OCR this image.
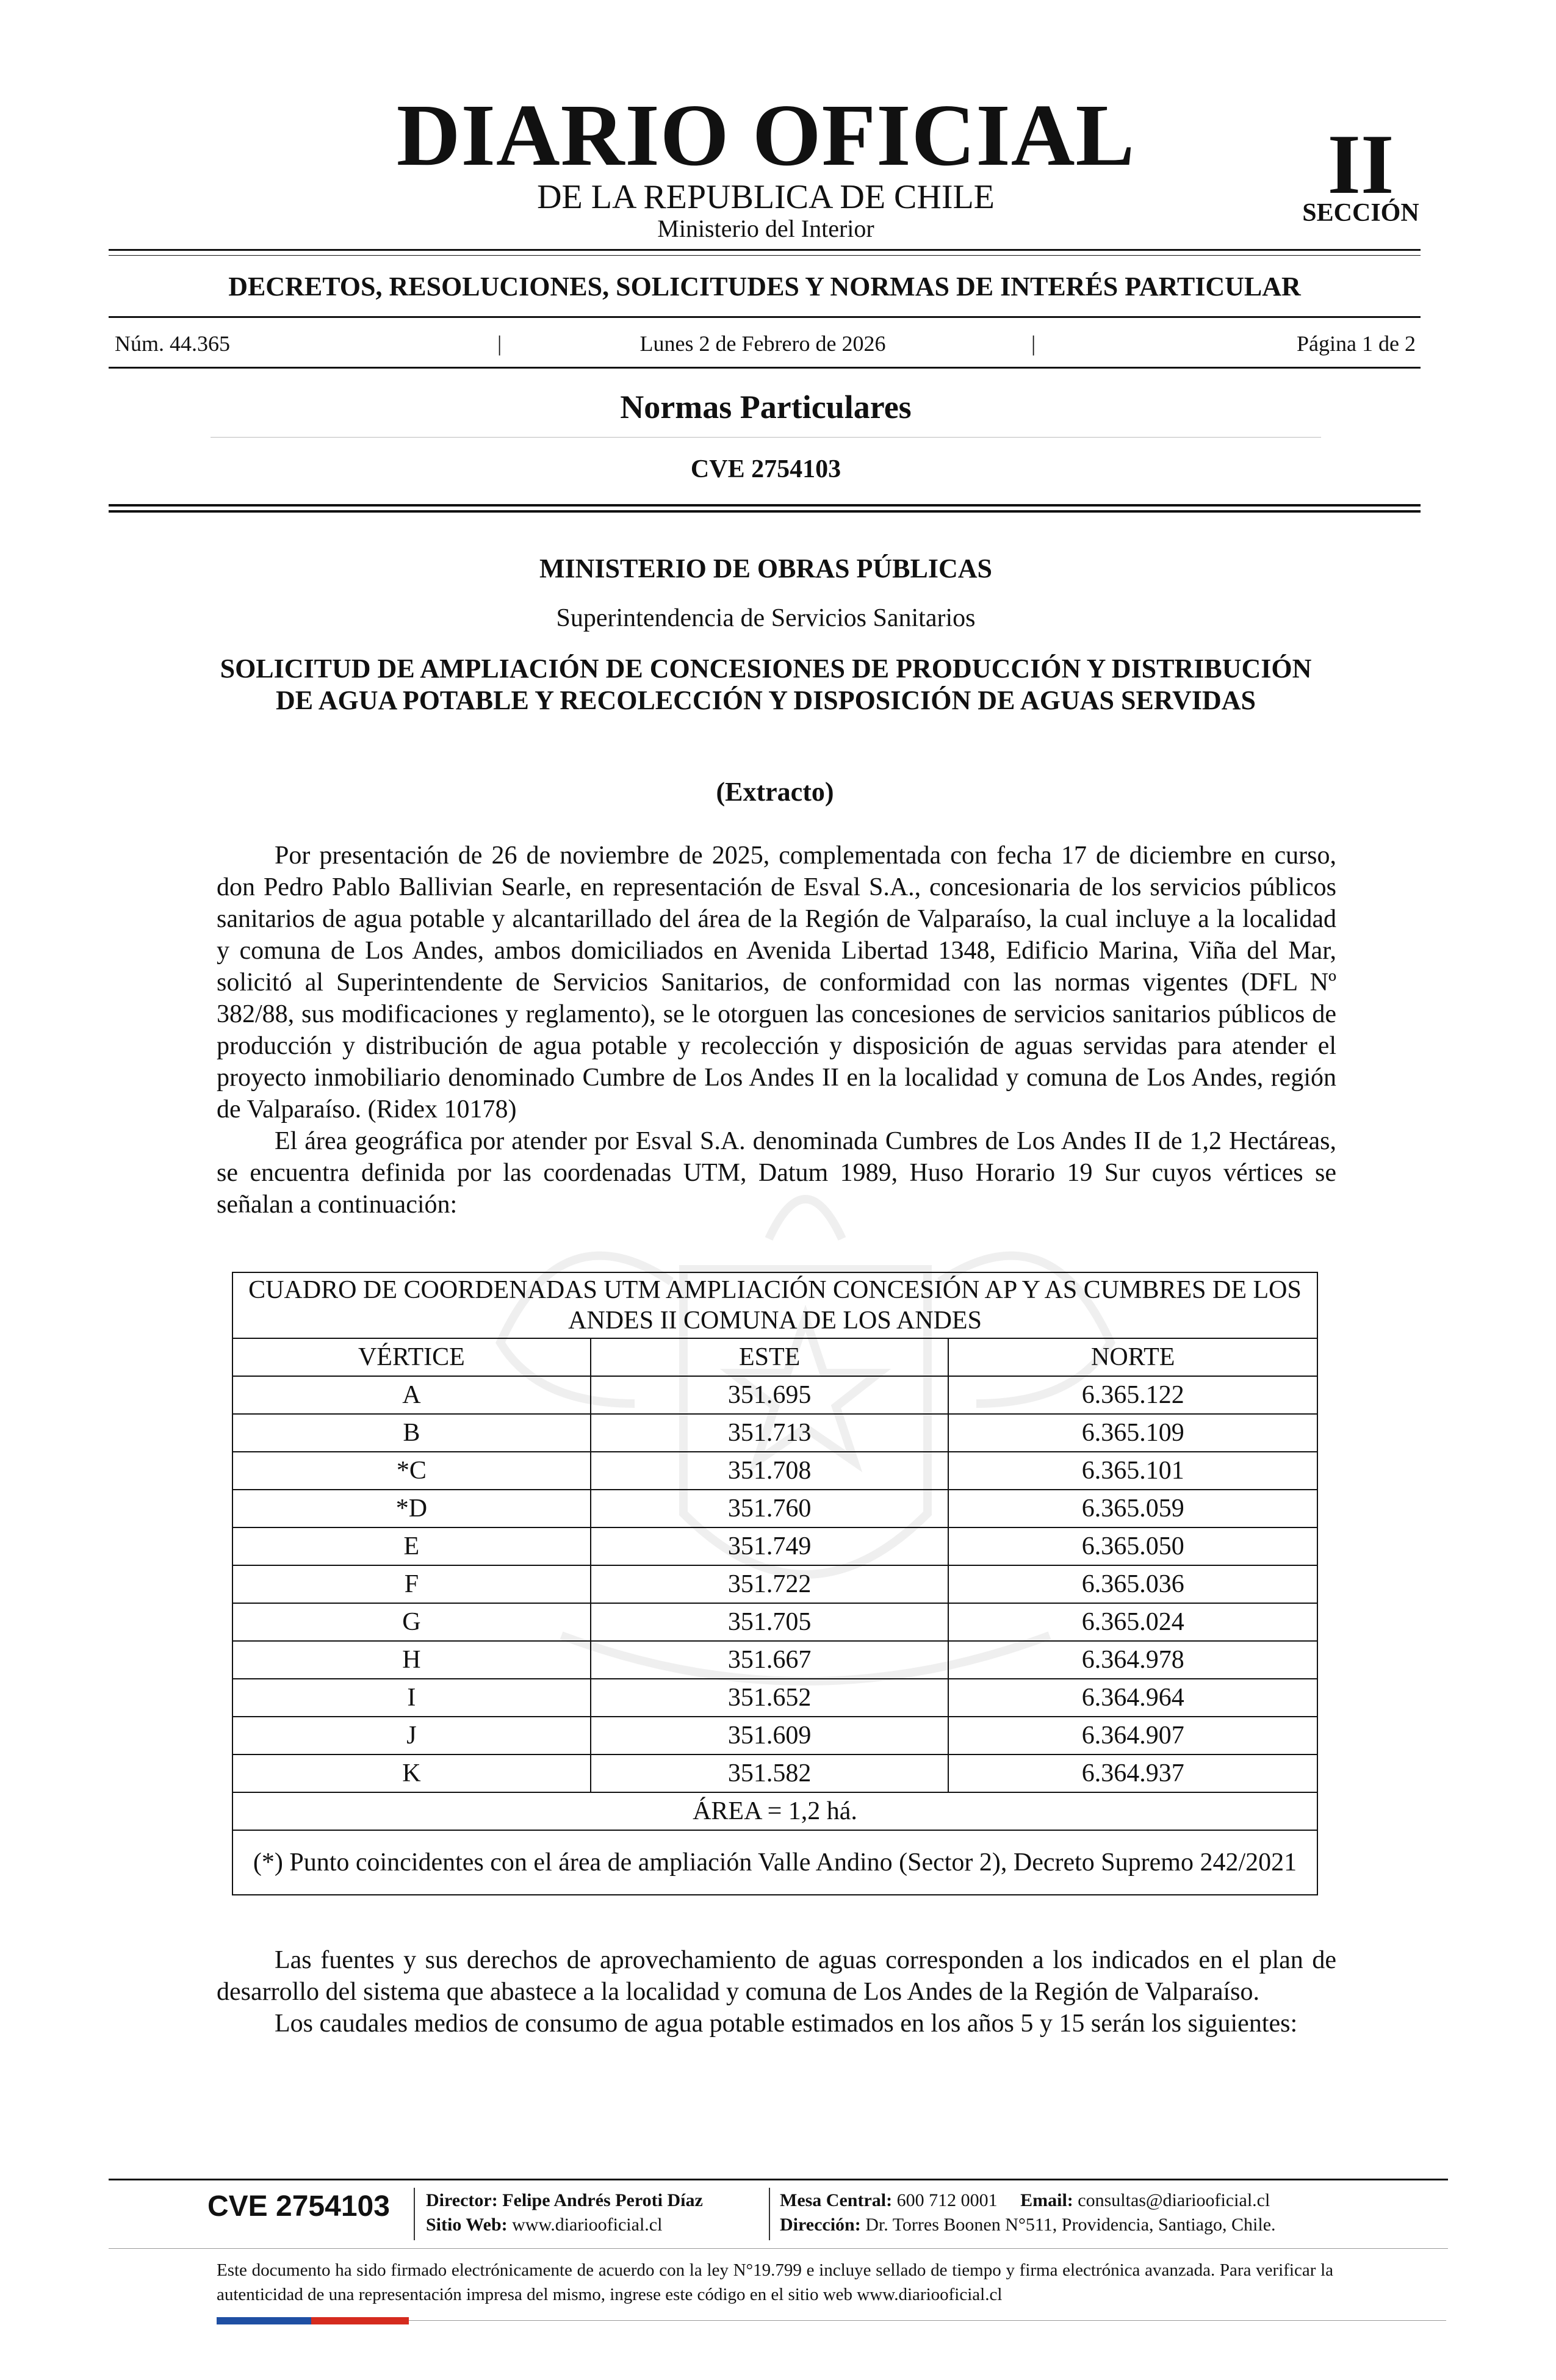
DIARIO OFICIAL
DE LA REPUBLICA DE CHILE
Ministerio del Interior
II
SECCIÓN
DECRETOS, RESOLUCIONES, SOLICITUDES Y NORMAS DE INTERÉS PARTICULAR
Núm. 44.365	|	Lunes 2 de Febrero de 2026	|	Página 1 de 2
Normas Particulares
CVE 2754103
MINISTERIO DE OBRAS PÚBLICAS
Superintendencia de Servicios Sanitarios
SOLICITUD DE AMPLIACIÓN DE CONCESIONES DE PRODUCCIÓN Y DISTRIBUCIÓN DE AGUA POTABLE Y RECOLECCIÓN Y DISPOSICIÓN DE AGUAS SERVIDAS
(Extracto)

Por presentación de 26 de noviembre de 2025, complementada con fecha 17 de diciembre en curso, don Pedro Pablo Ballivian Searle, en representación de Esval S.A., concesionaria de los servicios públicos sanitarios de agua potable y alcantarillado del área de la Región de Valparaíso, la cual incluye a la localidad y comuna de Los Andes, ambos domiciliados en Avenida Libertad 1348, Edificio Marina, Viña del Mar, solicitó al Superintendente de Servicios Sanitarios, de conformidad con las normas vigentes (DFL Nº 382/88, sus modificaciones y reglamento), se le otorguen las concesiones de servicios sanitarios públicos de producción y distribución de agua potable y recolección y disposición de aguas servidas para atender el proyecto inmobiliario denominado Cumbre de Los Andes II en la localidad y comuna de Los Andes, región de Valparaíso. (Ridex 10178)

El área geográfica por atender por Esval S.A. denominada Cumbres de Los Andes II de 1,2 Hectáreas, se encuentra definida por las coordenadas UTM, Datum 1989, Huso Horario 19 Sur cuyos vértices se señalan a continuación:

CUADRO DE COORDENADAS UTM AMPLIACIÓN CONCESIÓN AP Y AS CUMBRES DE LOS ANDES II COMUNA DE LOS ANDES		
VÉRTICE	ESTE	NORTE
A	351.695	6.365.122
B	351.713	6.365.109
*C	351.708	6.365.101
*D	351.760	6.365.059
E	351.749	6.365.050
F	351.722	6.365.036
G	351.705	6.365.024
H	351.667	6.364.978
I	351.652	6.364.964
J	351.609	6.364.907
K	351.582	6.364.937
ÁREA = 1,2 há.		
(*) Punto coincidentes con el área de ampliación Valle Andino (Sector 2), Decreto Supremo 242/2021		

Las fuentes y sus derechos de aprovechamiento de aguas corresponden a los indicados en el plan de desarrollo del sistema que abastece a la localidad y comuna de Los Andes de la Región de Valparaíso.

Los caudales medios de consumo de agua potable estimados en los años 5 y 15 serán los siguientes:

CVE 2754103 Director: Felipe Andrés Peroti Díaz
Sitio Web: www.diariooficial.cl
Mesa Central: 600 712 0001 Email: consultas@diariooficial.cl
Dirección: Dr. Torres Boonen N°511, Providencia, Santiago, Chile.
Este documento ha sido firmado electrónicamente de acuerdo con la ley N°19.799 e incluye sellado de tiempo y firma electrónica avanzada. Para verificar la autenticidad de una representación impresa del mismo, ingrese este código en el sitio web www.diariooficial.cl
